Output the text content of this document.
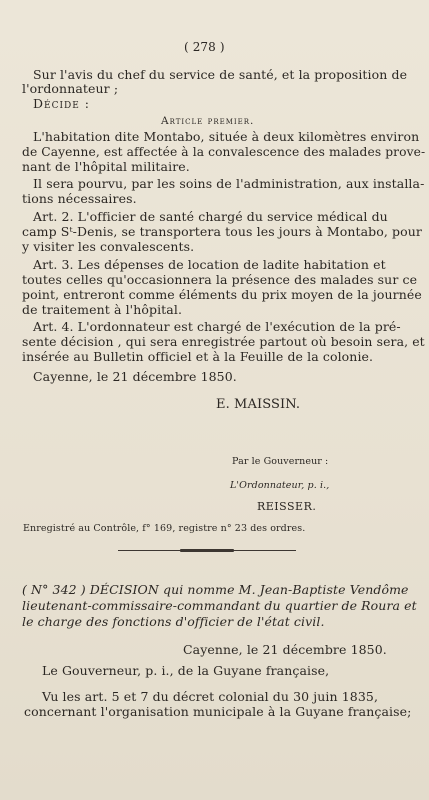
( 278 )
Sur l'avis du chef du service de santé, et la proposition de
l'ordonnateur ;
Décide :
Article premier.
L'habitation dite Montabo, située à deux kilomètres environ
de Cayenne, est affectée à la convalescence des malades prove-
nant de l'hôpital militaire.
Il sera pourvu, par les soins de l'administration, aux installa-
tions nécessaires.
Art. 2. L'officier de santé chargé du service médical du
camp Sᵗ-Denis, se transportera tous les jours à Montabo, pour
y visiter les convalescents.
Art. 3. Les dépenses de location de ladite habitation et
toutes celles qu'occasionnera la présence des malades sur ce
point, entreront comme éléments du prix moyen de la journée
de traitement à l'hôpital.
Art. 4. L'ordonnateur est chargé de l'exécution de la pré-
sente décision , qui sera enregistrée partout où besoin sera, et
insérée au Bulletin officiel et à la Feuille de la colonie.
Cayenne, le 21 décembre 1850.
E. MAISSIN.
Par le Gouverneur :
L'Ordonnateur, p. i.,
REISSER.
Enregistré au Contrôle, f° 169, registre n° 23 des ordres.
( N° 342 ) DÉCISION qui nomme M. Jean-Baptiste Vendôme
lieutenant-commissaire-commandant du quartier de Roura et
le charge des fonctions d'officier de l'état civil.
Cayenne, le 21 décembre 1850.
Le Gouverneur, p. i., de la Guyane française,
Vu les art. 5 et 7 du décret colonial du 30 juin 1835,
concernant l'organisation municipale à la Guyane française;
